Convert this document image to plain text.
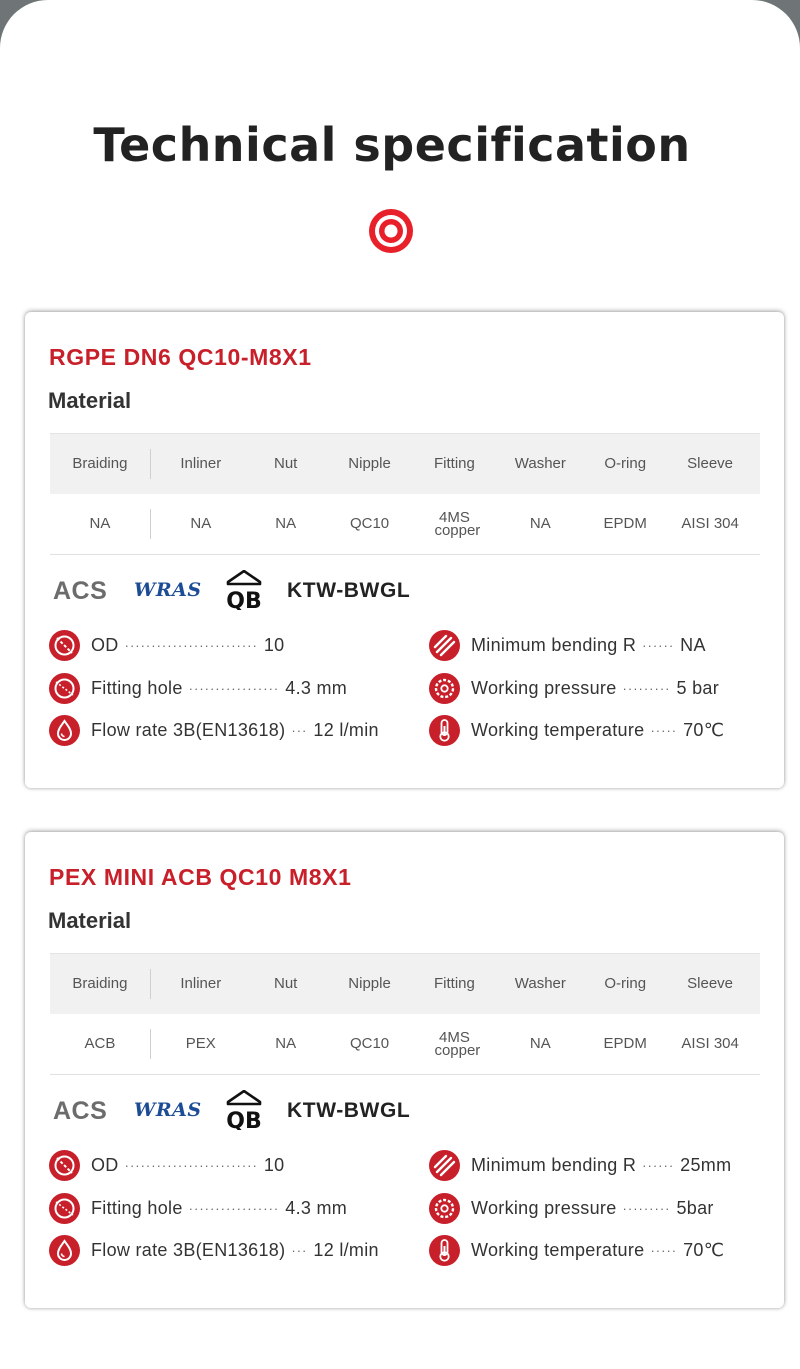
Technical specification
RGPE DN6 QC10-M8X1
Material
Braiding	Inliner	Nut	Nipple	Fitting	Washer	O-ring	Sleeve
NA	NA	NA	QC10	4MS copper	NA	EPDM	AISI 304
ACS WRAS QB KTW-BWGL
OD ························· 10
Fitting hole ················· 4.3 mm
Flow rate 3B(EN13618) ··· 12 l/min
Minimum bending R ······ NA
Working pressure ········· 5 bar
Working temperature ····· 70℃
PEX MINI ACB QC10 M8X1
Material
Braiding	Inliner	Nut	Nipple	Fitting	Washer	O-ring	Sleeve
ACB	PEX	NA	QC10	4MS copper	NA	EPDM	AISI 304
ACS WRAS QB KTW-BWGL
OD ························· 10
Fitting hole ················· 4.3 mm
Flow rate 3B(EN13618) ··· 12 l/min
Minimum bending R ······ 25mm
Working pressure ········· 5bar
Working temperature ····· 70℃
